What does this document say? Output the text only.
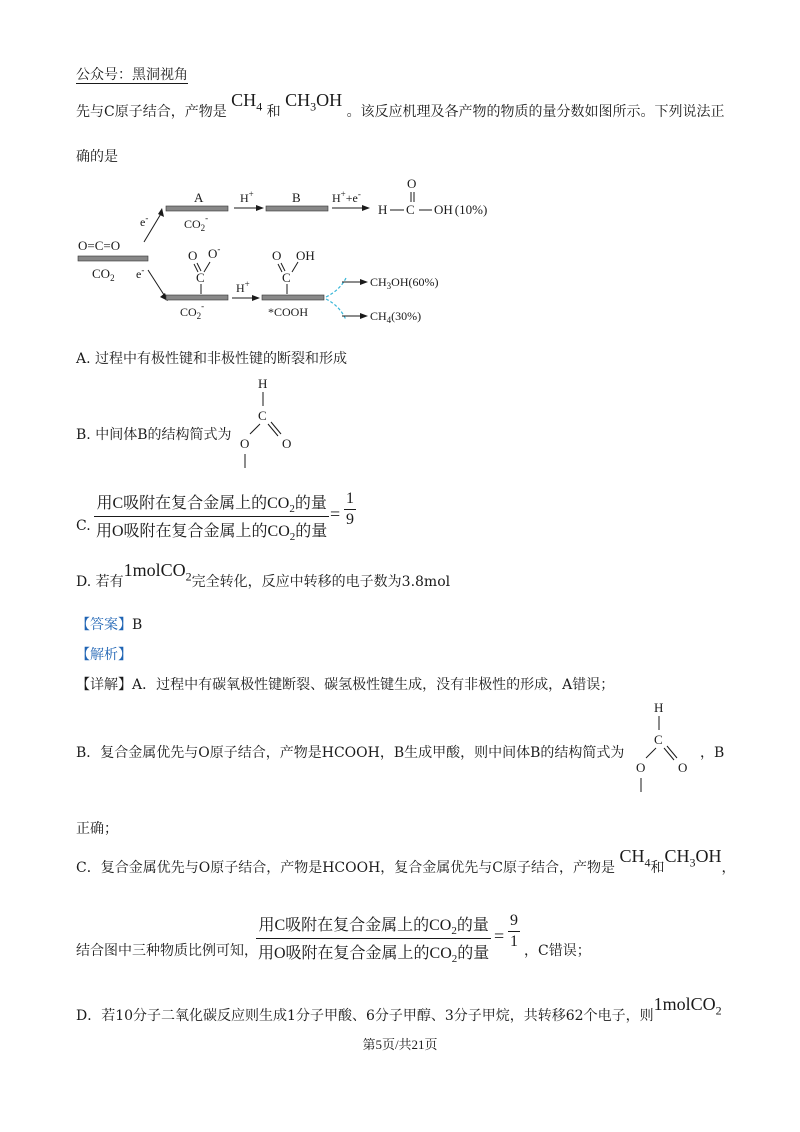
公众号：黑洞视角
先与C原子结合，产物是 $CH_4$ 和 $CH_3OH$ 。该反应机理及各产物的物质的量分数如图所示。下列说法正
确的是
O=C=O
$CO_2$
e-
e-
A
$CO_2^-$
H+	B	H++e-
H C
O
OH (10%)
O O-
C
$CO_2^-$
H+
O OH
C
*COOH
$CH_3OH(60\%)$
$CH_4(30\%)$
A. 过程中有极性键和非极性键的断裂和形成
B. 中间体B的结构简式为
H
C
O	O
C.
用C吸附在复合金属上的$CO_2$的量
用O吸附在复合金属上的$CO_2$的量
=
1
9
D. 若有1molCO$_2$完全转化，反应中转移的电子数为3.8mol
【答案】B
【解析】
【详解】A．过程中有碳氧极性键断裂、碳氢极性键生成，没有非极性的形成，A错误；
B．复合金属优先与O原子结合，产物是HCOOH，B生成甲酸，则中间体B的结构简式为
H
C
O	O
，B
正确；
C．复合金属优先与O原子结合，产物是HCOOH，复合金属优先与C原子结合，产物是 $CH_4$和$CH_3OH$，
结合图中三种物质比例可知，
用C吸附在复合金属上的$CO_2$的量
用O吸附在复合金属上的$CO_2$的量
=
9
1
，C错误；
D．若10分子二氧化碳反应则生成1分子甲酸、6分子甲醇、3分子甲烷，共转移62个电子，则1molCO$_2$
第5页/共21页
